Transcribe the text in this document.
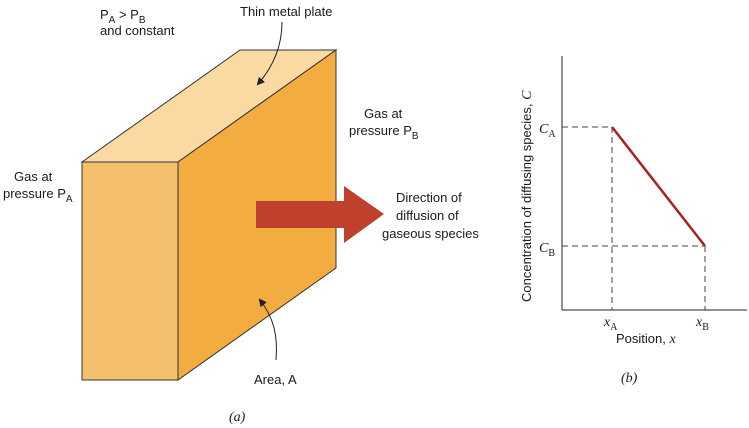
$P_A > P_B$
and constant
Thin metal plate
Gas at
pressure $P_B$
Gas at
pressure $P_A$	Direction of
diffusion of
gaseous species
Area, A
(a)
$C_A$
$C_B$
$x_A$	$x_B$
Position, x
Concentration of diffusing species, C
(b)
